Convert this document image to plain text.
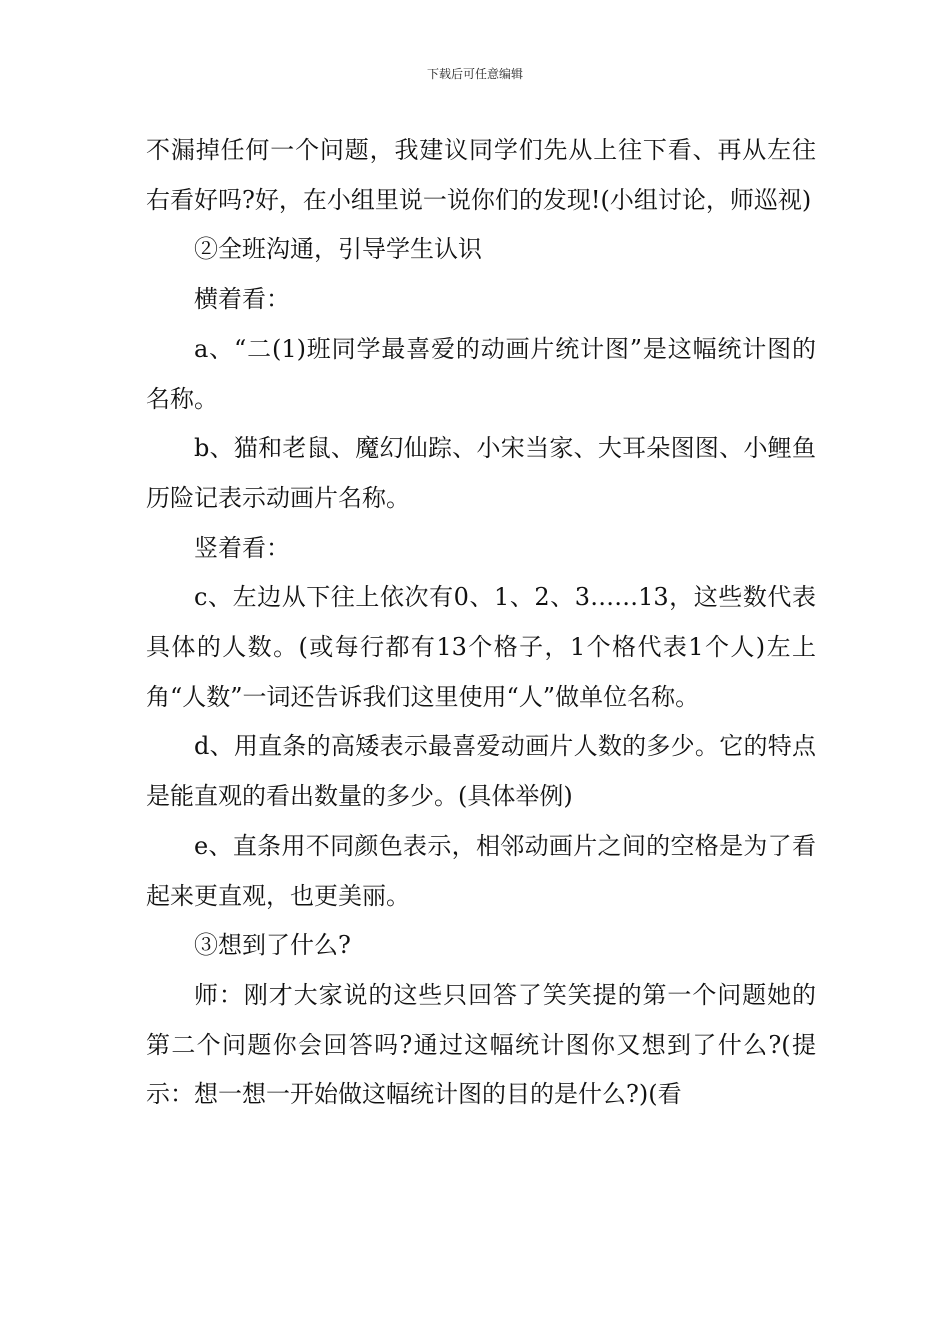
下载后可任意编辑

不漏掉任何一个问题，我建议同学们先从上往下看、再从左往右看好吗?好，在小组里说一说你们的发现!(小组讨论，师巡视)

②全班沟通，引导学生认识

横着看：

a、“二(1)班同学最喜爱的动画片统计图”是这幅统计图的名称。

b、猫和老鼠、魔幻仙踪、小宋当家、大耳朵图图、小鲤鱼历险记表示动画片名称。

竖着看：

c、左边从下往上依次有0、1、2、3……13，这些数代表具体的人数。(或每行都有13个格子，1个格代表1个人)左上角“人数”一词还告诉我们这里使用“人”做单位名称。

d、用直条的高矮表示最喜爱动画片人数的多少。它的特点是能直观的看出数量的多少。(具体举例)

e、直条用不同颜色表示，相邻动画片之间的空格是为了看起来更直观，也更美丽。

③想到了什么?

师：刚才大家说的这些只回答了笑笑提的第一个问题她的第二个问题你会回答吗?通过这幅统计图你又想到了什么?(提示：想一想一开始做这幅统计图的目的是什么?)(看
